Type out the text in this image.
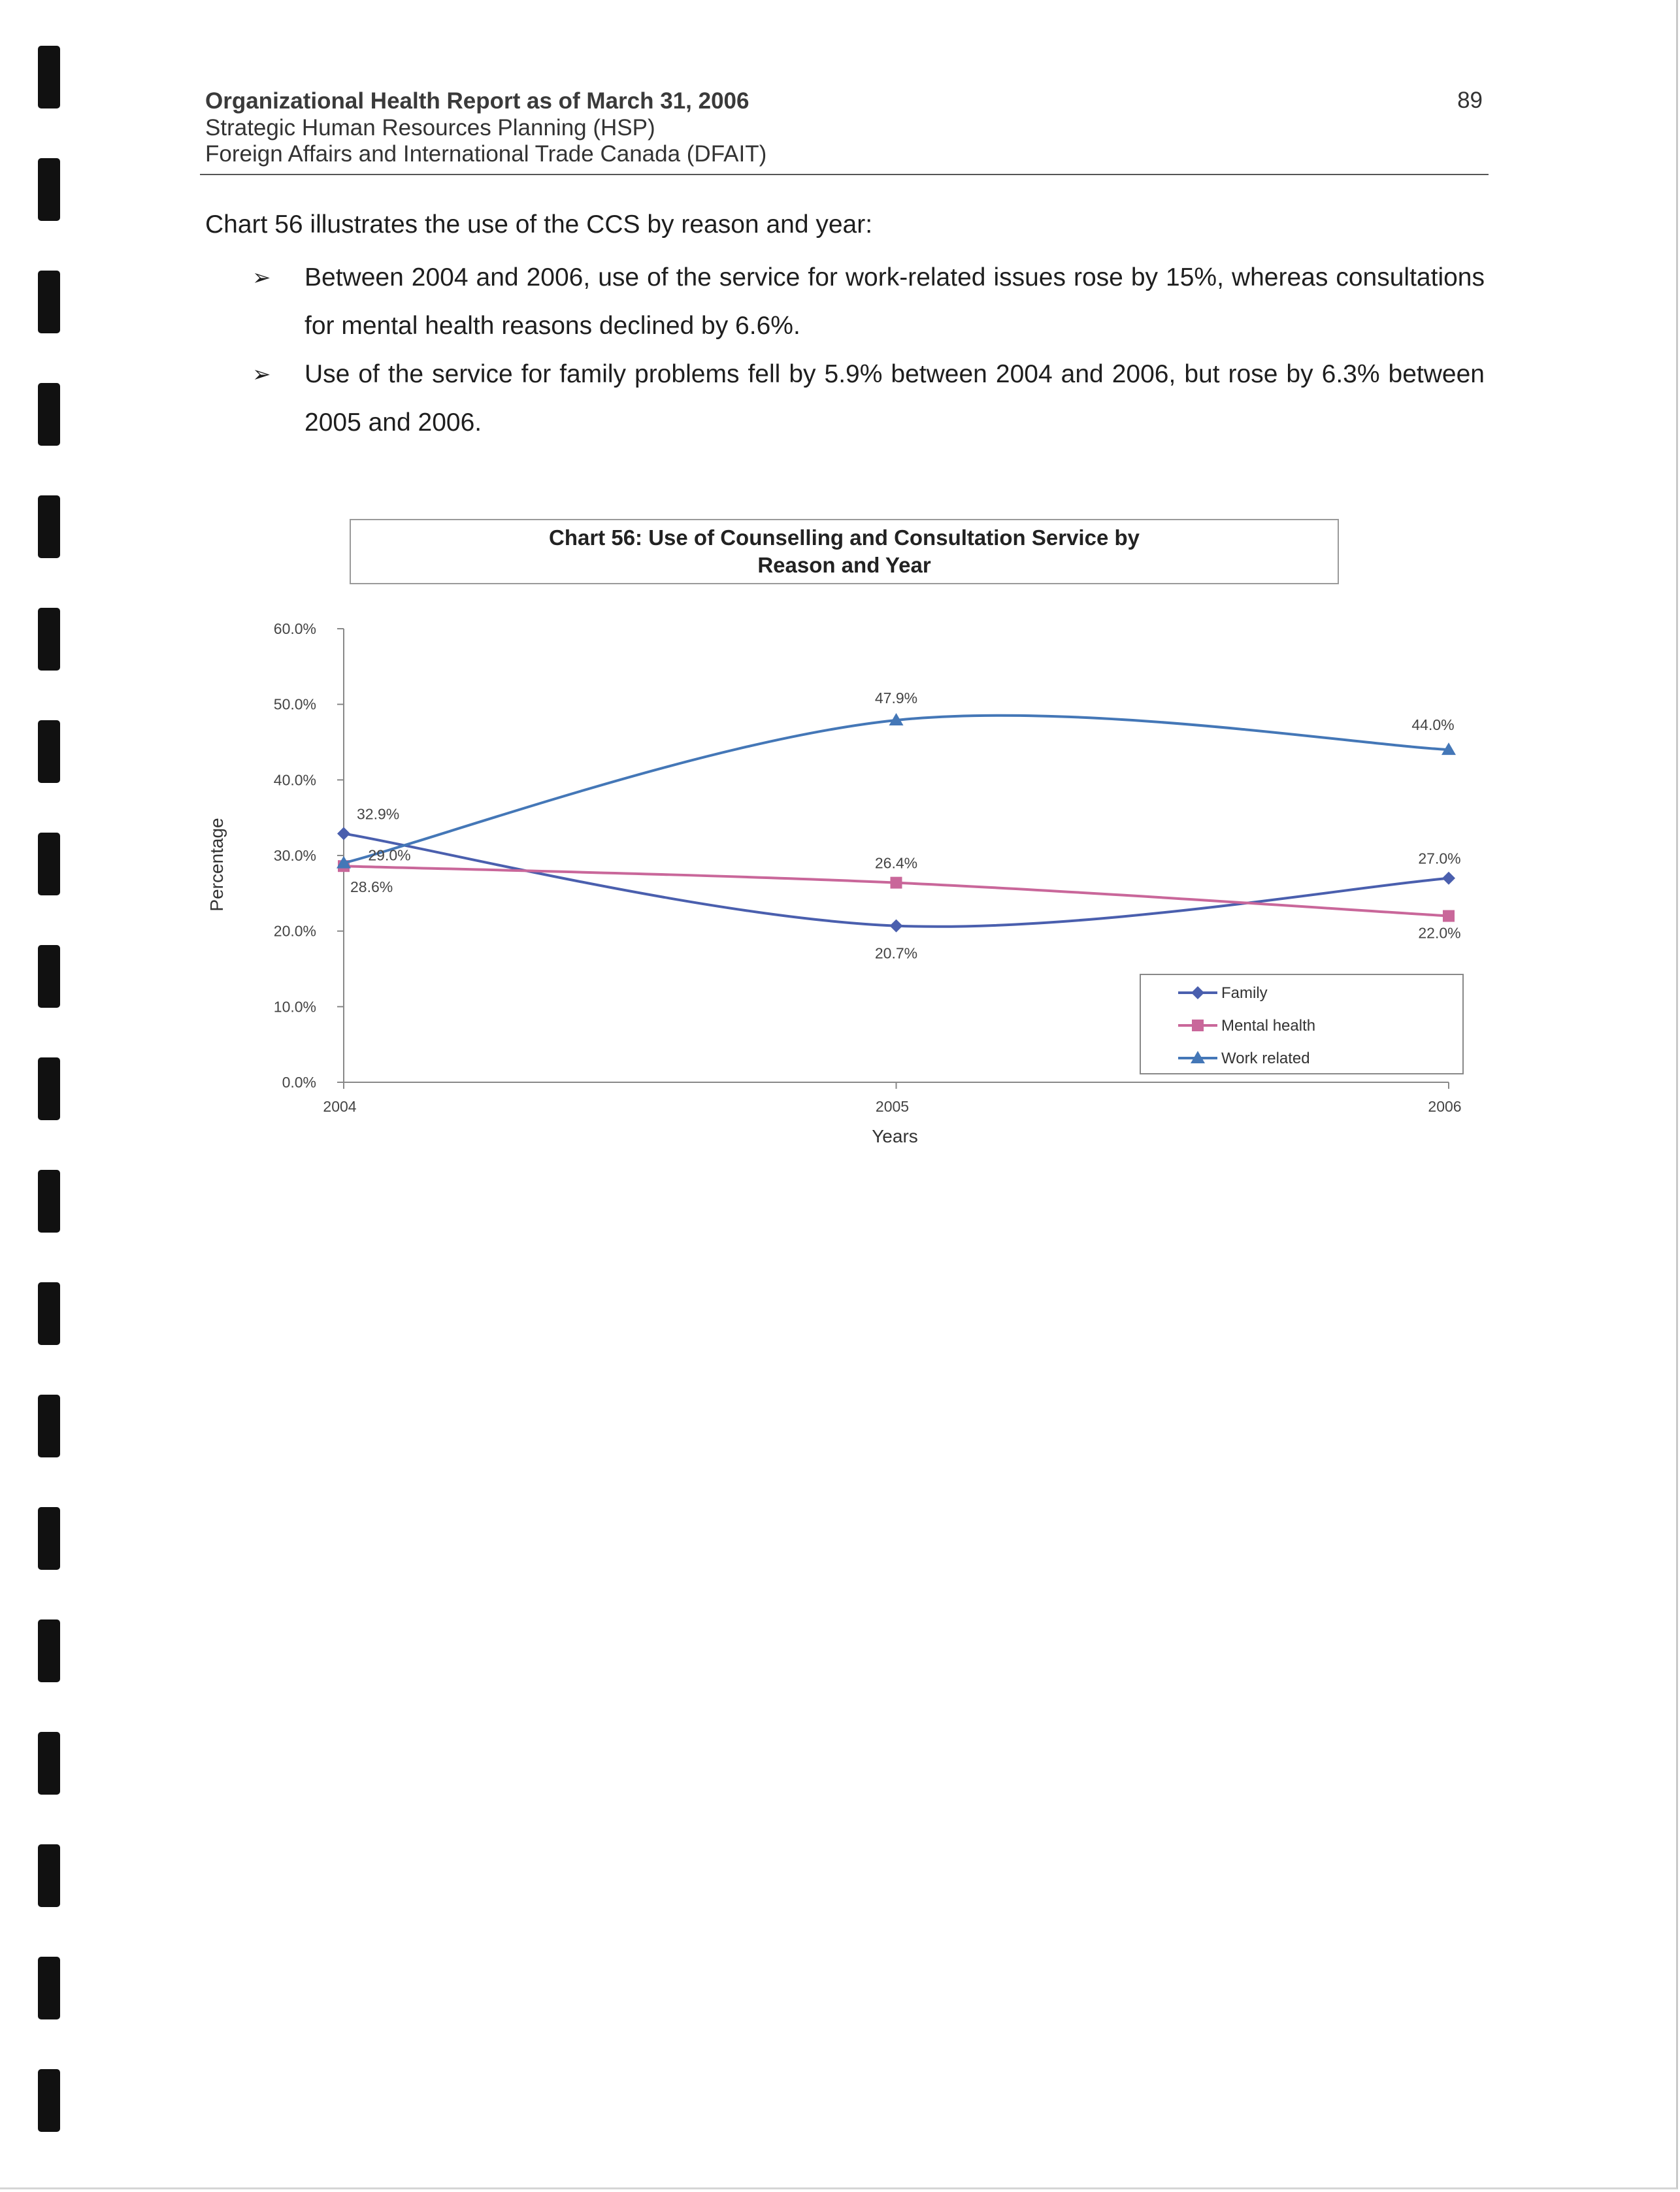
Organizational Health Report as of March 31, 2006
Strategic Human Resources Planning (HSP)
Foreign Affairs and International Trade Canada (DFAIT)
89
Chart 56 illustrates the use of the CCS by reason and year:
➢ Between 2004 and 2006, use of the service for work-related issues rose by 15%, whereas consultations for mental health reasons declined by 6.6%.
➢ Use of the service for family problems fell by 5.9% between 2004 and 2006, but rose by 6.3% between 2005 and 2006.
Chart 56: Use of Counselling and Consultation Service by
Reason and Year
0.0%
10.0%
20.0%
30.0%
40.0%
50.0%
60.0%
2004	2005	2006
Years
Percentage
32.9%
20.7%
27.0%
28.6%
26.4%
22.0%
29.0%
47.9%
44.0%
Family
Mental health
Work related
